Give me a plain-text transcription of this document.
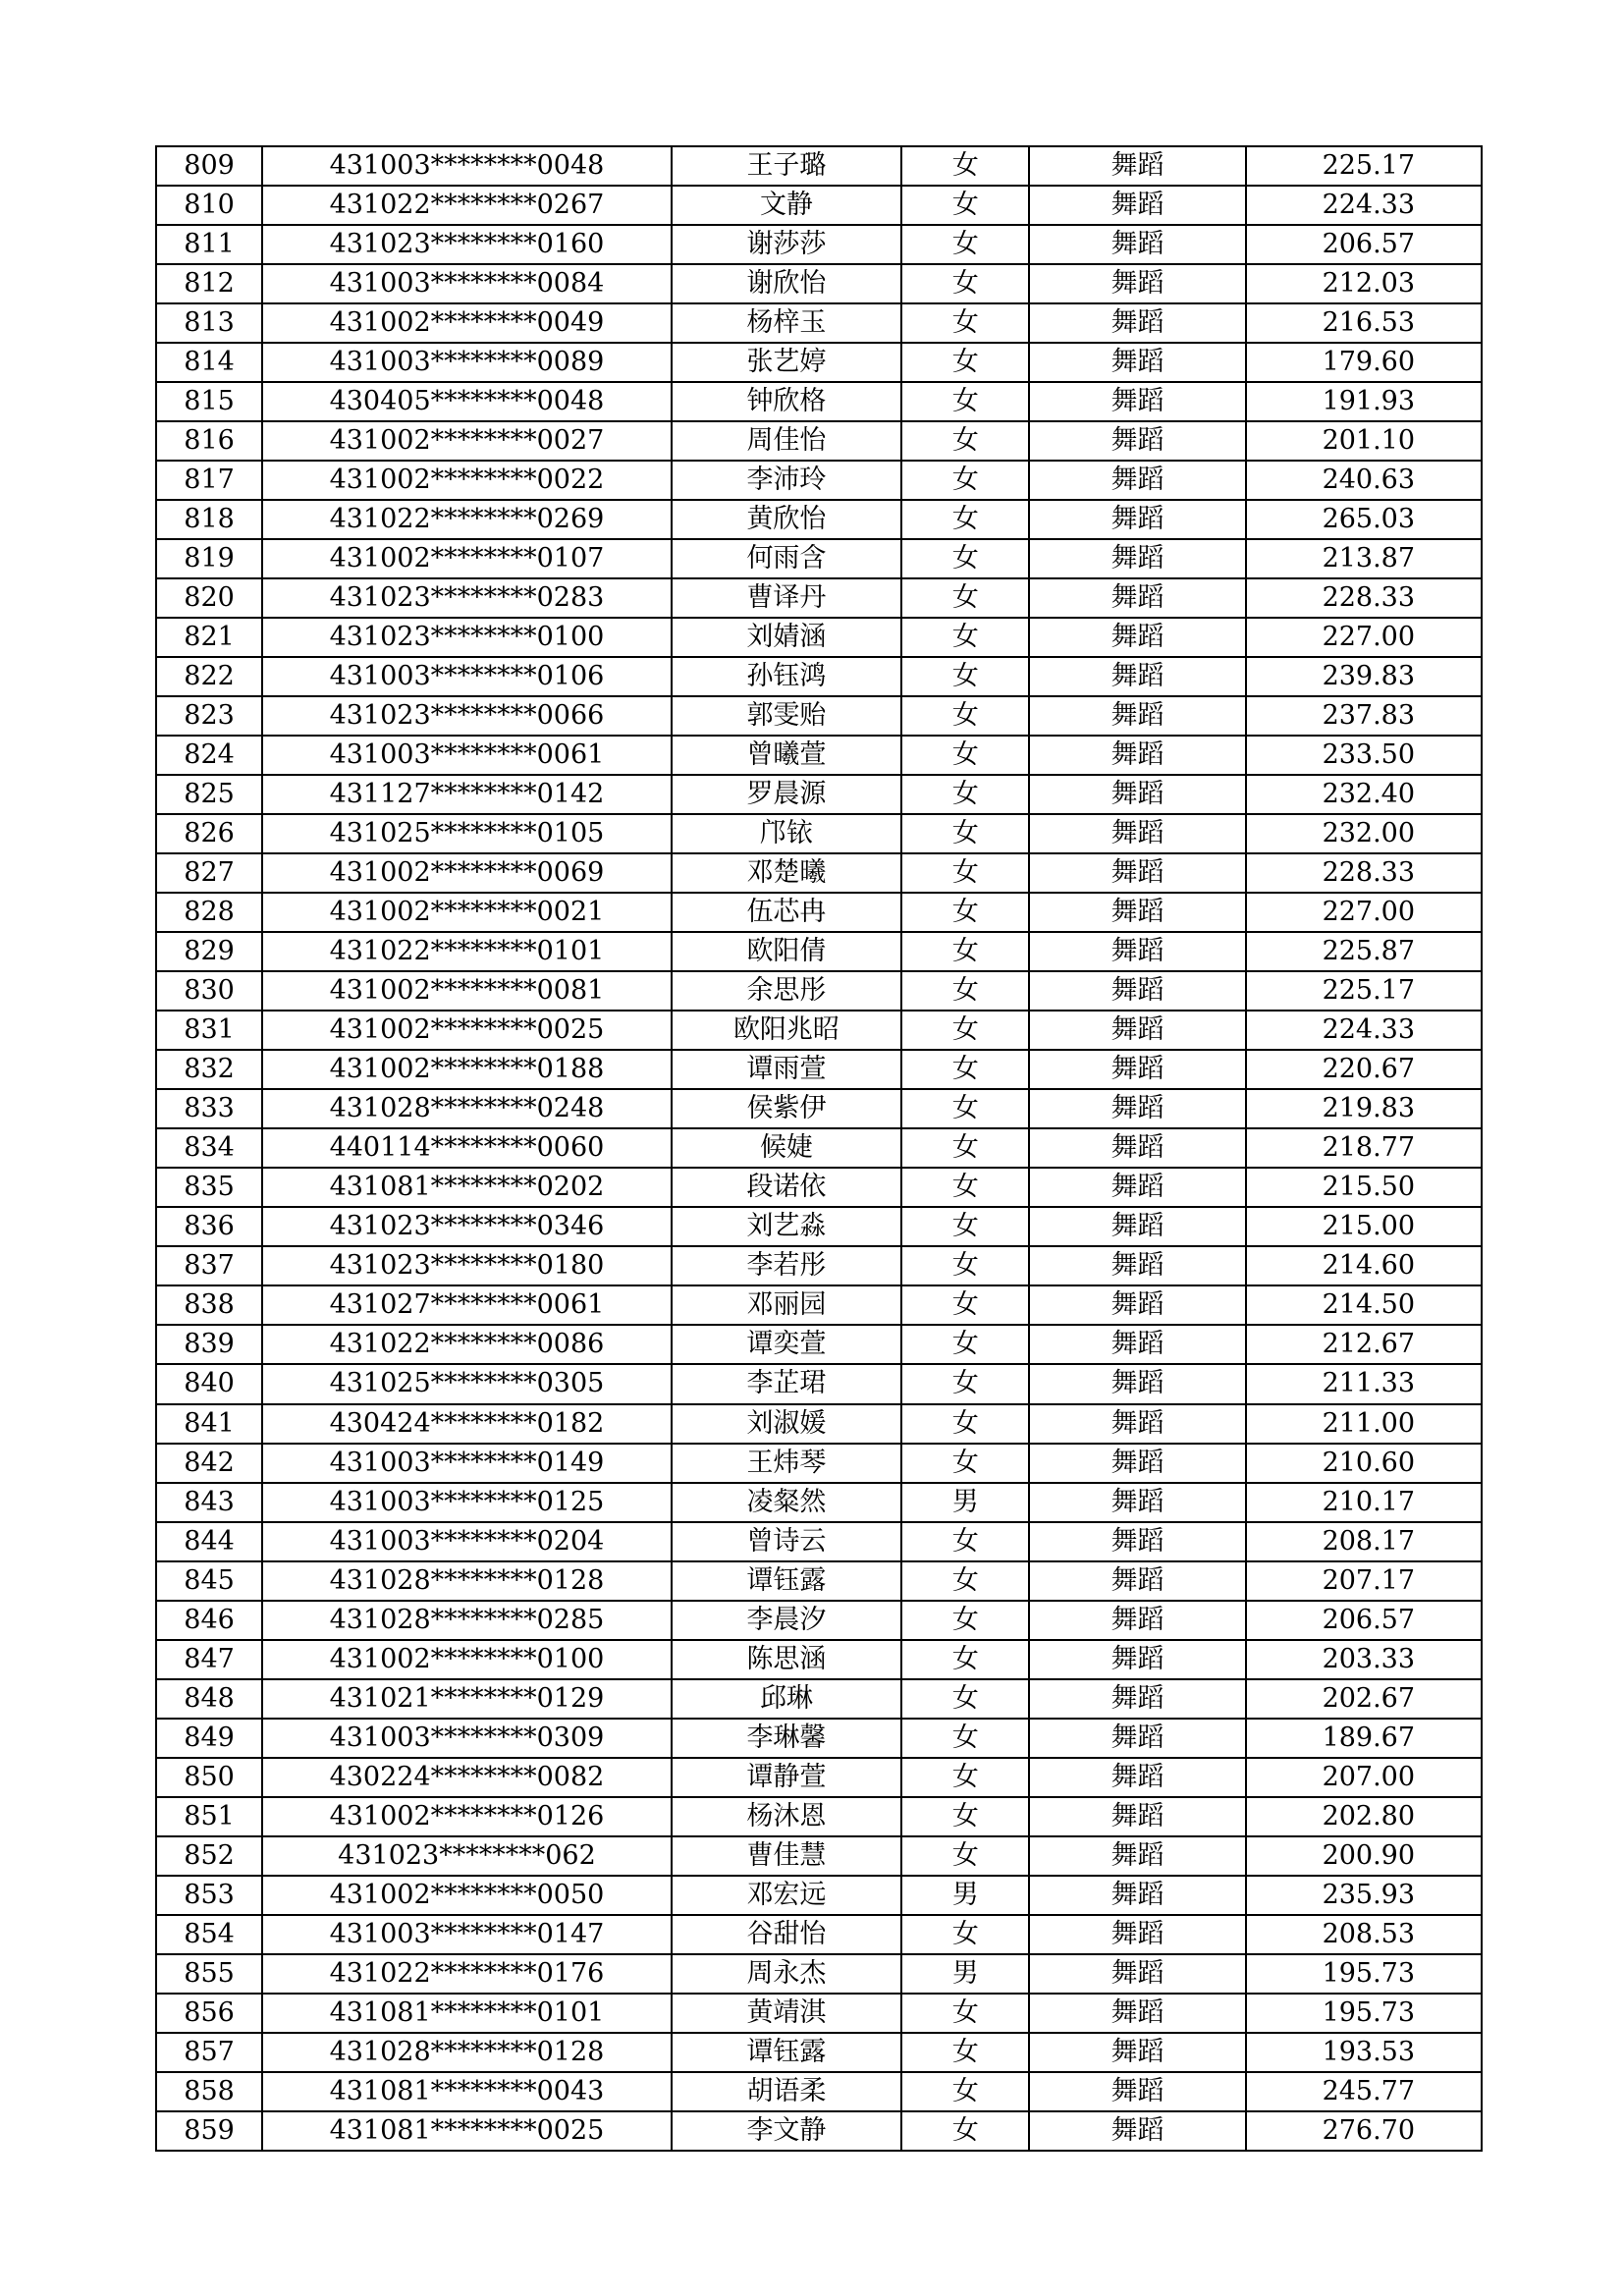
809	431003********0048	王子璐	女	舞蹈	225.17
810	431022********0267	文静	女	舞蹈	224.33
811	431023********0160	谢莎莎	女	舞蹈	206.57
812	431003********0084	谢欣怡	女	舞蹈	212.03
813	431002********0049	杨梓玉	女	舞蹈	216.53
814	431003********0089	张艺婷	女	舞蹈	179.60
815	430405********0048	钟欣格	女	舞蹈	191.93
816	431002********0027	周佳怡	女	舞蹈	201.10
817	431002********0022	李沛玲	女	舞蹈	240.63
818	431022********0269	黄欣怡	女	舞蹈	265.03
819	431002********0107	何雨含	女	舞蹈	213.87
820	431023********0283	曹译丹	女	舞蹈	228.33
821	431023********0100	刘婧涵	女	舞蹈	227.00
822	431003********0106	孙钰鸿	女	舞蹈	239.83
823	431023********0066	郭雯贻	女	舞蹈	237.83
824	431003********0061	曾曦萱	女	舞蹈	233.50
825	431127********0142	罗晨源	女	舞蹈	232.40
826	431025********0105	邝铱	女	舞蹈	232.00
827	431002********0069	邓楚曦	女	舞蹈	228.33
828	431002********0021	伍芯冉	女	舞蹈	227.00
829	431022********0101	欧阳倩	女	舞蹈	225.87
830	431002********0081	余思彤	女	舞蹈	225.17
831	431002********0025	欧阳兆昭	女	舞蹈	224.33
832	431002********0188	谭雨萱	女	舞蹈	220.67
833	431028********0248	侯紫伊	女	舞蹈	219.83
834	440114********0060	候婕	女	舞蹈	218.77
835	431081********0202	段诺依	女	舞蹈	215.50
836	431023********0346	刘艺淼	女	舞蹈	215.00
837	431023********0180	李若彤	女	舞蹈	214.60
838	431027********0061	邓丽园	女	舞蹈	214.50
839	431022********0086	谭奕萱	女	舞蹈	212.67
840	431025********0305	李芷珺	女	舞蹈	211.33
841	430424********0182	刘淑媛	女	舞蹈	211.00
842	431003********0149	王炜琴	女	舞蹈	210.60
843	431003********0125	凌粲然	男	舞蹈	210.17
844	431003********0204	曾诗云	女	舞蹈	208.17
845	431028********0128	谭钰露	女	舞蹈	207.17
846	431028********0285	李晨汐	女	舞蹈	206.57
847	431002********0100	陈思涵	女	舞蹈	203.33
848	431021********0129	邱琳	女	舞蹈	202.67
849	431003********0309	李琳馨	女	舞蹈	189.67
850	430224********0082	谭静萱	女	舞蹈	207.00
851	431002********0126	杨沐恩	女	舞蹈	202.80
852	431023********062	曹佳慧	女	舞蹈	200.90
853	431002********0050	邓宏远	男	舞蹈	235.93
854	431003********0147	谷甜怡	女	舞蹈	208.53
855	431022********0176	周永杰	男	舞蹈	195.73
856	431081********0101	黄靖淇	女	舞蹈	195.73
857	431028********0128	谭钰露	女	舞蹈	193.53
858	431081********0043	胡语柔	女	舞蹈	245.77
859	431081********0025	李文静	女	舞蹈	276.70
